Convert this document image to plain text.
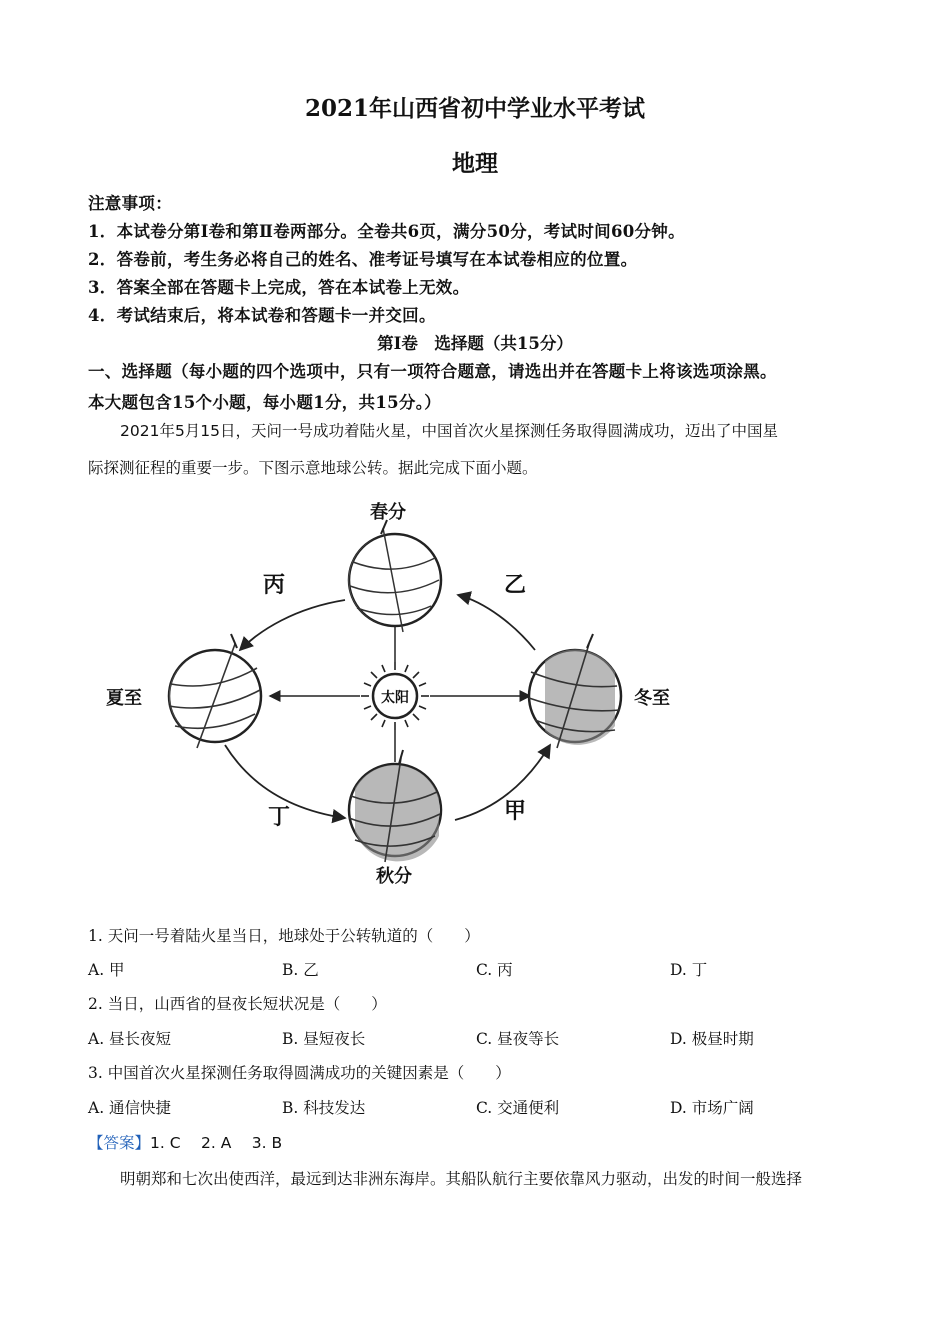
2021年山西省初中学业水平考试
地理
注意事项：
1．本试卷分第Ⅰ卷和第Ⅱ卷两部分。全卷共6页，满分50分，考试时间60分钟。
2．答卷前，考生务必将自己的姓名、准考证号填写在本试卷相应的位置。
3．答案全部在答题卡上完成，答在本试卷上无效。
4．考试结束后，将本试卷和答题卡一并交回。
第Ⅰ卷　选择题（共15分）
一、选择题（每小题的四个选项中，只有一项符合题意，请选出并在答题卡上将该选项涂黑。
本大题包含15个小题，每小题1分，共15分。）
2021年5月15日，天问一号成功着陆火星，中国首次火星探测任务取得圆满成功，迈出了中国星
际探测征程的重要一步。下图示意地球公转。据此完成下面小题。
太阳
春分
夏至
秋分
冬至
丙	乙
丁	甲
1. 天问一号着陆火星当日，地球处于公转轨道的（　　）
A. 甲	B. 乙	C. 丙	D. 丁
2. 当日，山西省的昼夜长短状况是（　　）
A. 昼长夜短	B. 昼短夜长	C. 昼夜等长	D. 极昼时期
3. 中国首次火星探测任务取得圆满成功的关键因素是（　　）
A. 通信快捷	B. 科技发达	C. 交通便利	D. 市场广阔
【答案】1. C　 2. A　 3. B
明朝郑和七次出使西洋，最远到达非洲东海岸。其船队航行主要依靠风力驱动，出发的时间一般选择
